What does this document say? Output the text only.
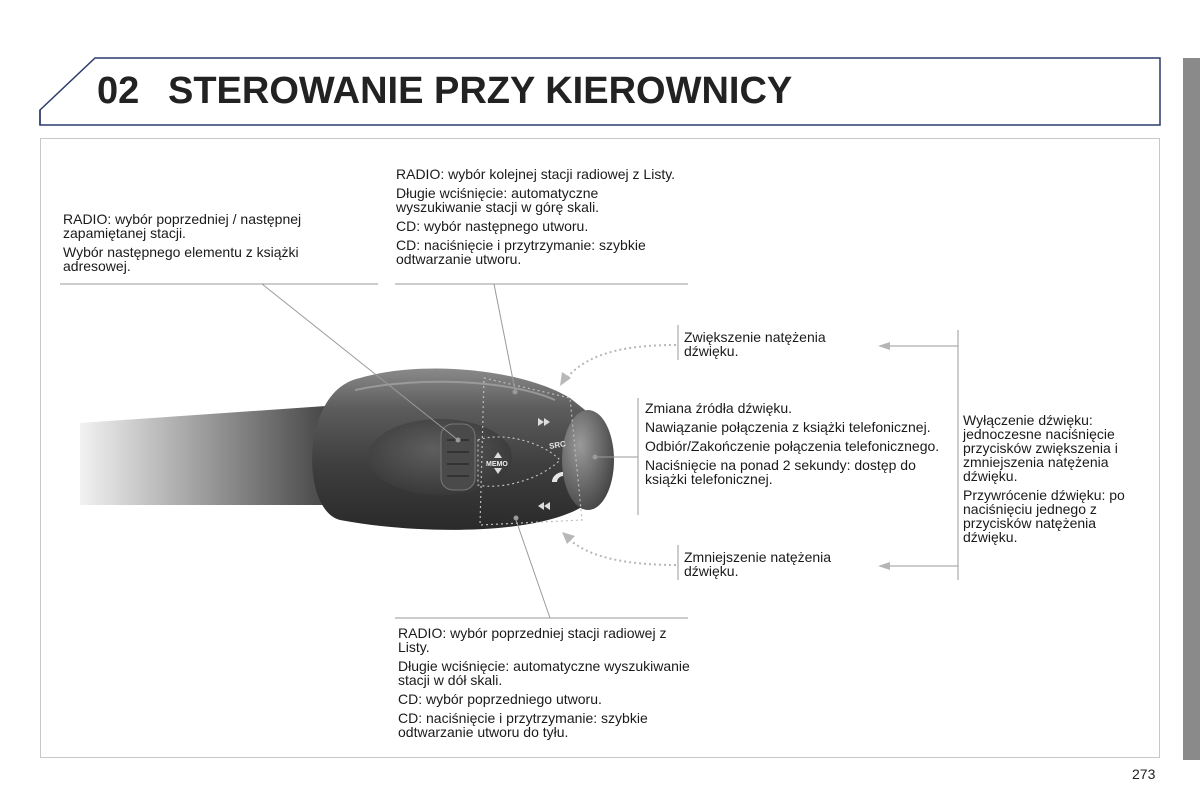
02 STEROWANIE PRZY KIEROWNICY
MEMO
SRC

RADIO: wybór poprzedniej / następnej zapamiętanej stacji.

Wybór następnego elementu z książki adresowej.

RADIO: wybór kolejnej stacji radiowej z Listy.

Długie wciśnięcie: automatyczne wyszukiwanie stacji w górę skali.

CD: wybór następnego utworu.

CD: naciśnięcie i przytrzymanie: szybkie odtwarzanie utworu.

Zwiększenie natężenia dźwięku.

Zmiana źródła dźwięku.

Nawiązanie połączenia z książki telefonicznej.

Odbiór/Zakończenie połączenia telefonicznego.

Naciśnięcie na ponad 2 sekundy: dostęp do książki telefonicznej.

Wyłączenie dźwięku: jednoczesne naciśnięcie przycisków zwiększenia i zmniejszenia natężenia dźwięku.

Przywrócenie dźwięku: po naciśnięciu jednego z przycisków natężenia dźwięku.

Zmniejszenie natężenia dźwięku.

RADIO: wybór poprzedniej stacji radiowej z Listy.

Długie wciśnięcie: automatyczne wyszukiwanie stacji w dół skali.

CD: wybór poprzedniego utworu.

CD: naciśnięcie i przytrzymanie: szybkie odtwarzanie utworu do tyłu.

273
